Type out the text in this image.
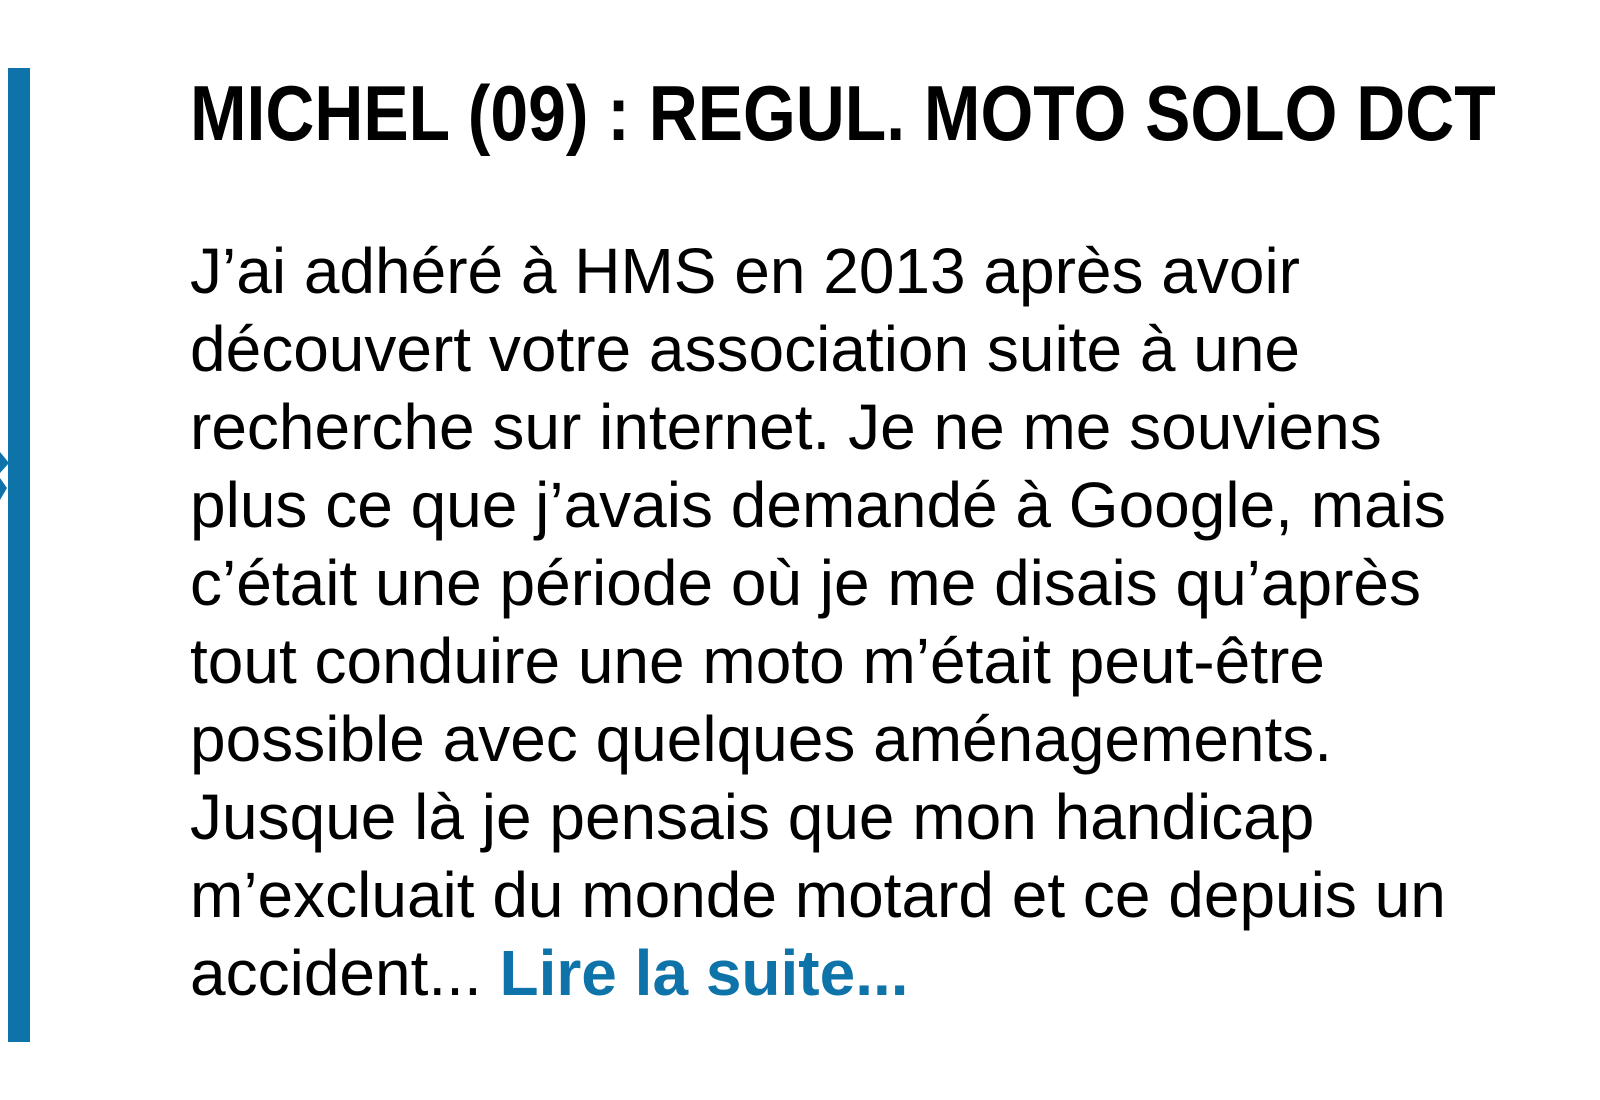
MICHEL (09) : REGUL. MOTO SOLO DCT
J’ai adhéré à HMS en 2013 après avoir
découvert votre association suite à une
recherche sur internet. Je ne me souviens
plus ce que j’avais demandé à Google, mais
c’était une période où je me disais qu’après
tout conduire une moto m’était peut-être
possible avec quelques aménagements.
Jusque là je pensais que mon handicap
m’excluait du monde motard et ce depuis un
accident... Lire la suite...
